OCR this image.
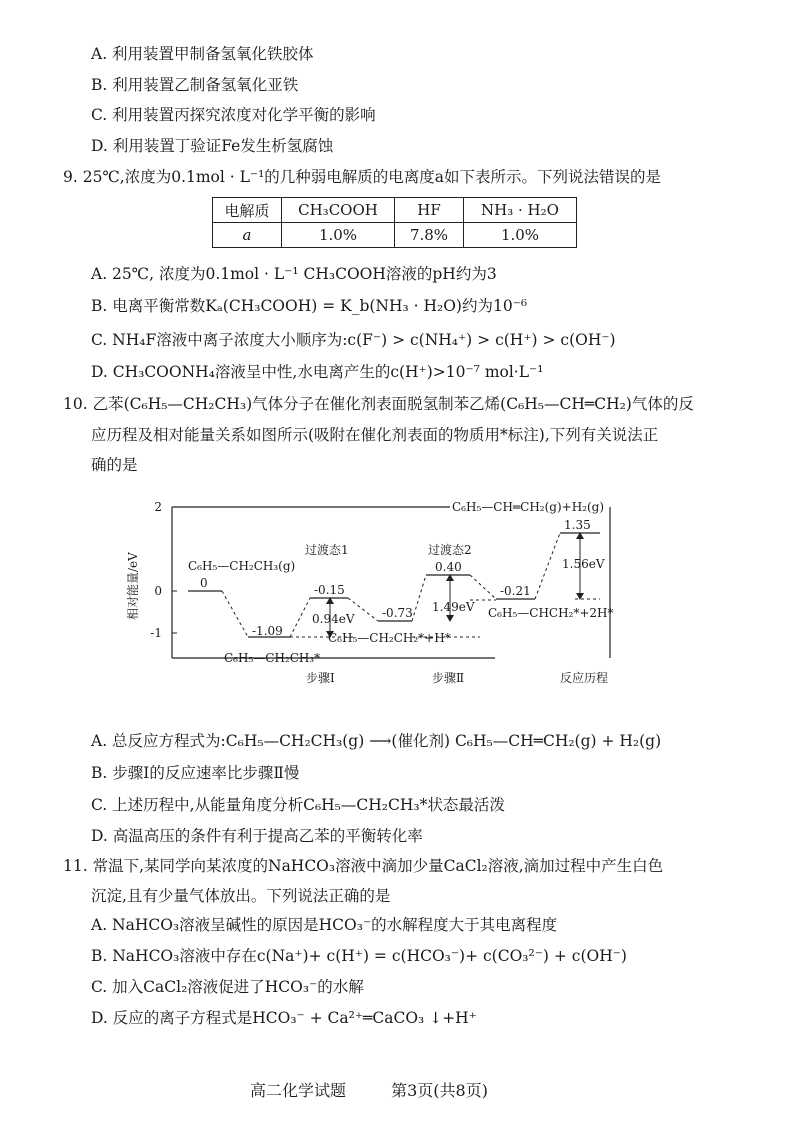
A. 利用装置甲制备氢氧化铁胶体
B. 利用装置乙制备氢氧化亚铁
C. 利用装置丙探究浓度对化学平衡的影响
D. 利用装置丁验证Fe发生析氢腐蚀
9. 25℃,浓度为0.1mol · L⁻¹的几种弱电解质的电离度a如下表所示。下列说法错误的是
电解质	CH₃COOH	HF	NH₃ · H₂O
a	1.0%	7.8%	1.0%
A. 25℃, 浓度为0.1mol · L⁻¹ CH₃COOH溶液的pH约为3
B. 电离平衡常数Kₐ(CH₃COOH) = K_b(NH₃ · H₂O)约为10⁻⁶
C. NH₄F溶液中离子浓度大小顺序为:c(F⁻) > c(NH₄⁺) > c(H⁺) > c(OH⁻)
D. CH₃COONH₄溶液呈中性,水电离产生的c(H⁺)>10⁻⁷ mol·L⁻¹
10. 乙苯(C₆H₅—CH₂CH₃)气体分子在催化剂表面脱氢制苯乙烯(C₆H₅—CH═CH₂)气体的反
应历程及相对能量关系如图所示(吸附在催化剂表面的物质用*标注),下列有关说法正
确的是
2
0
-1
相对能量/eV	C₆H₅—CH₂CH₃(g)
0
-1.09
过渡态1
-0.15
0.94eV -0.73
C₆H₅—CH₂CH₂*+H*
过渡态2
0.40
1.49eV
-0.21
C₆H₅—CHCH₂*+2H*
1.35
1.56eV
C₆H₅—CH═CH₂(g)+H₂(g)
C₆H₅—CH₂CH₃*
步骤Ⅰ	步骤Ⅱ	反应历程
A. 总反应方程式为:C₆H₅—CH₂CH₃(g) ⟶(催化剂) C₆H₅—CH═CH₂(g) + H₂(g)
B. 步骤Ⅰ的反应速率比步骤Ⅱ慢
C. 上述历程中,从能量角度分析C₆H₅—CH₂CH₃*状态最活泼
D. 高温高压的条件有利于提高乙苯的平衡转化率
11. 常温下,某同学向某浓度的NaHCO₃溶液中滴加少量CaCl₂溶液,滴加过程中产生白色
沉淀,且有少量气体放出。下列说法正确的是
A. NaHCO₃溶液呈碱性的原因是HCO₃⁻的水解程度大于其电离程度
B. NaHCO₃溶液中存在c(Na⁺)+ c(H⁺) = c(HCO₃⁻)+ c(CO₃²⁻) + c(OH⁻)
C. 加入CaCl₂溶液促进了HCO₃⁻的水解
D. 反应的离子方程式是HCO₃⁻ + Ca²⁺═CaCO₃ ↓+H⁺
高二化学试题	第3页(共8页)
